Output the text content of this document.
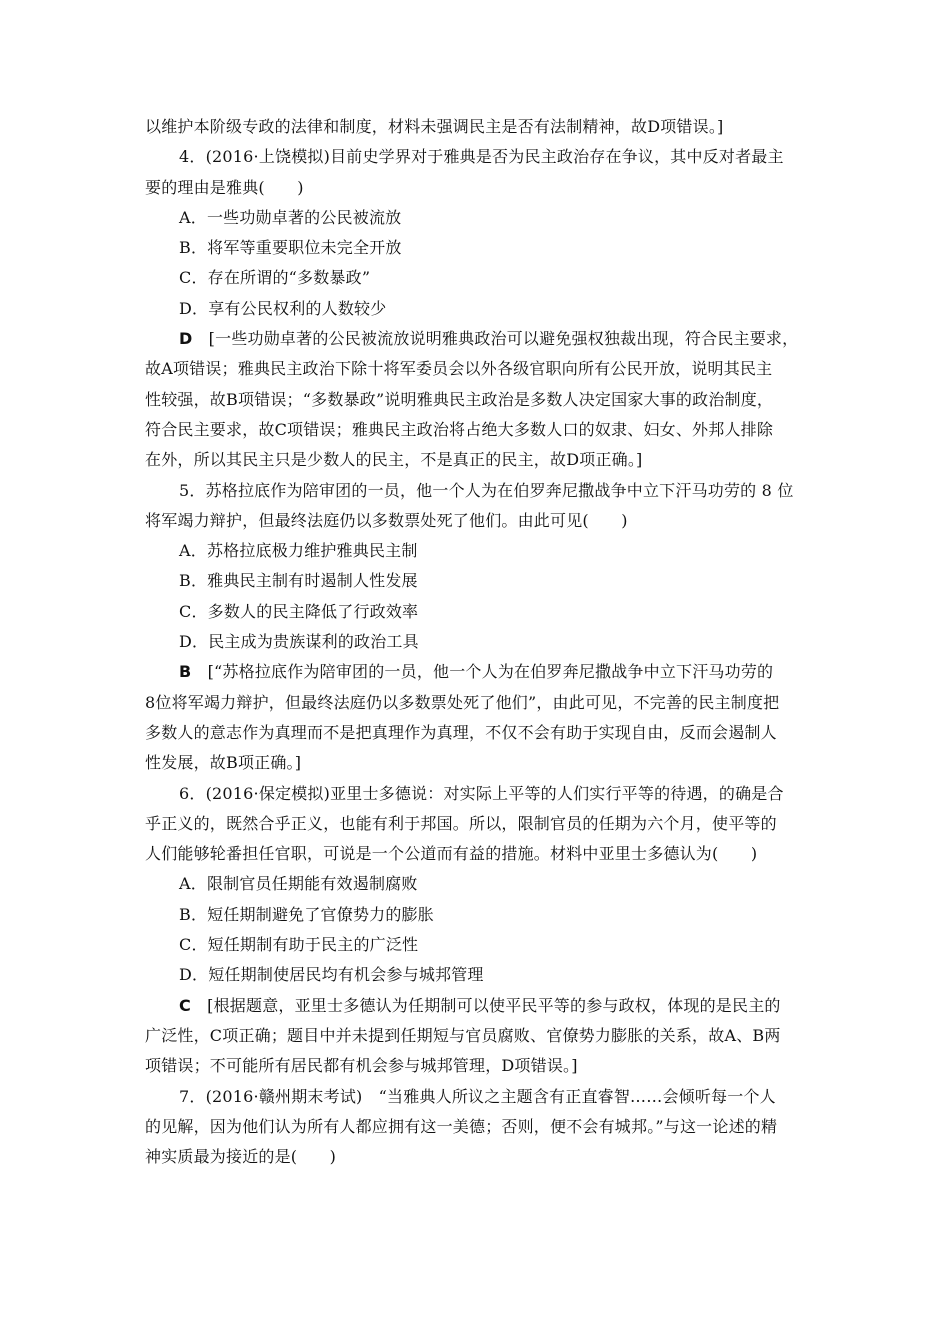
以维护本阶级专政的法律和制度，材料未强调民主是否有法制精神，故D项错误。]
4．(2016·上饶模拟)目前史学界对于雅典是否为民主政治存在争议，其中反对者最主
要的理由是雅典(　　)
A．一些功勋卓著的公民被流放
B．将军等重要职位未完全开放
C．存在所谓的“多数暴政”
D．享有公民权利的人数较少
D　[一些功勋卓著的公民被流放说明雅典政治可以避免强权独裁出现，符合民主要求，
故A项错误；雅典民主政治下除十将军委员会以外各级官职向所有公民开放，说明其民主
性较强，故B项错误；“多数暴政”说明雅典民主政治是多数人决定国家大事的政治制度，
符合民主要求，故C项错误；雅典民主政治将占绝大多数人口的奴隶、妇女、外邦人排除
在外，所以其民主只是少数人的民主，不是真正的民主，故D项正确。]
5．苏格拉底作为陪审团的一员，他一个人为在伯罗奔尼撒战争中立下汗马功劳的 8 位
将军竭力辩护，但最终法庭仍以多数票处死了他们。由此可见(　　)
A．苏格拉底极力维护雅典民主制
B．雅典民主制有时遏制人性发展
C．多数人的民主降低了行政效率
D．民主成为贵族谋利的政治工具
B　[“苏格拉底作为陪审团的一员，他一个人为在伯罗奔尼撒战争中立下汗马功劳的
8位将军竭力辩护，但最终法庭仍以多数票处死了他们”，由此可见，不完善的民主制度把
多数人的意志作为真理而不是把真理作为真理，不仅不会有助于实现自由，反而会遏制人
性发展，故B项正确。]
6．(2016·保定模拟)亚里士多德说：对实际上平等的人们实行平等的待遇，的确是合
乎正义的，既然合乎正义，也能有利于邦国。所以，限制官员的任期为六个月，使平等的
人们能够轮番担任官职，可说是一个公道而有益的措施。材料中亚里士多德认为(　　)
A．限制官员任期能有效遏制腐败
B．短任期制避免了官僚势力的膨胀
C．短任期制有助于民主的广泛性
D．短任期制使居民均有机会参与城邦管理
C　[根据题意，亚里士多德认为任期制可以使平民平等的参与政权，体现的是民主的
广泛性，C项正确；题目中并未提到任期短与官员腐败、官僚势力膨胀的关系，故A、B两
项错误；不可能所有居民都有机会参与城邦管理，D项错误。]
7．(2016·赣州期末考试)　“当雅典人所议之主题含有正直睿智……会倾听每一个人
的见解，因为他们认为所有人都应拥有这一美德；否则，便不会有城邦。”与这一论述的精
神实质最为接近的是(　　)
